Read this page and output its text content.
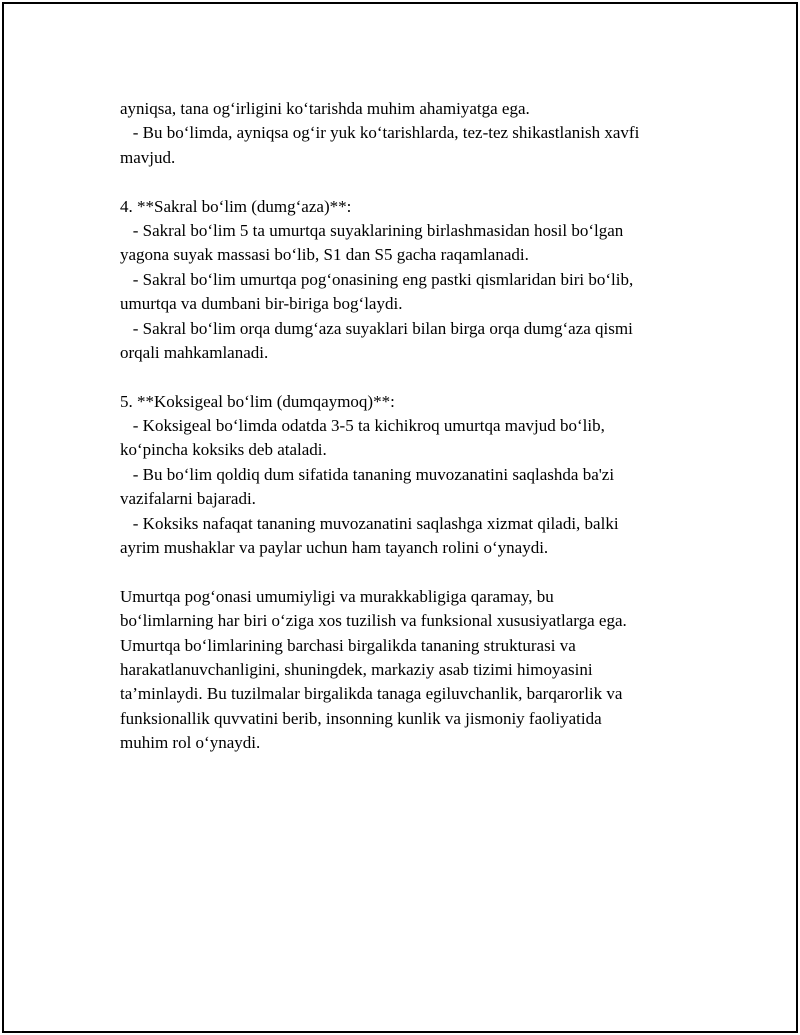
ayniqsa, tana og‘irligini ko‘tarishda muhim ahamiyatga ega.
- Bu bo‘limda, ayniqsa og‘ir yuk ko‘tarishlarda, tez-tez shikastlanish xavfi
mavjud.
4. **Sakral bo‘lim (dumg‘aza)**:
- Sakral bo‘lim 5 ta umurtqa suyaklarining birlashmasidan hosil bo‘lgan
yagona suyak massasi bo‘lib, S1 dan S5 gacha raqamlanadi.
- Sakral bo‘lim umurtqa pog‘onasining eng pastki qismlaridan biri bo‘lib,
umurtqa va dumbani bir-biriga bog‘laydi.
- Sakral bo‘lim orqa dumg‘aza suyaklari bilan birga orqa dumg‘aza qismi
orqali mahkamlanadi.
5. **Koksigeal bo‘lim (dumqaymoq)**:
- Koksigeal bo‘limda odatda 3-5 ta kichikroq umurtqa mavjud bo‘lib,
ko‘pincha koksiks deb ataladi.
- Bu bo‘lim qoldiq dum sifatida tananing muvozanatini saqlashda ba'zi
vazifalarni bajaradi.
- Koksiks nafaqat tananing muvozanatini saqlashga xizmat qiladi, balki
ayrim mushaklar va paylar uchun ham tayanch rolini o‘ynaydi.
Umurtqa pog‘onasi umumiyligi va murakkabligiga qaramay, bu
bo‘limlarning har biri o‘ziga xos tuzilish va funksional xususiyatlarga ega.
Umurtqa bo‘limlarining barchasi birgalikda tananing strukturasi va
harakatlanuvchanligini, shuningdek, markaziy asab tizimi himoyasini
ta’minlaydi. Bu tuzilmalar birgalikda tanaga egiluvchanlik, barqarorlik va
funksionallik quvvatini berib, insonning kunlik va jismoniy faoliyatida
muhim rol o‘ynaydi.
